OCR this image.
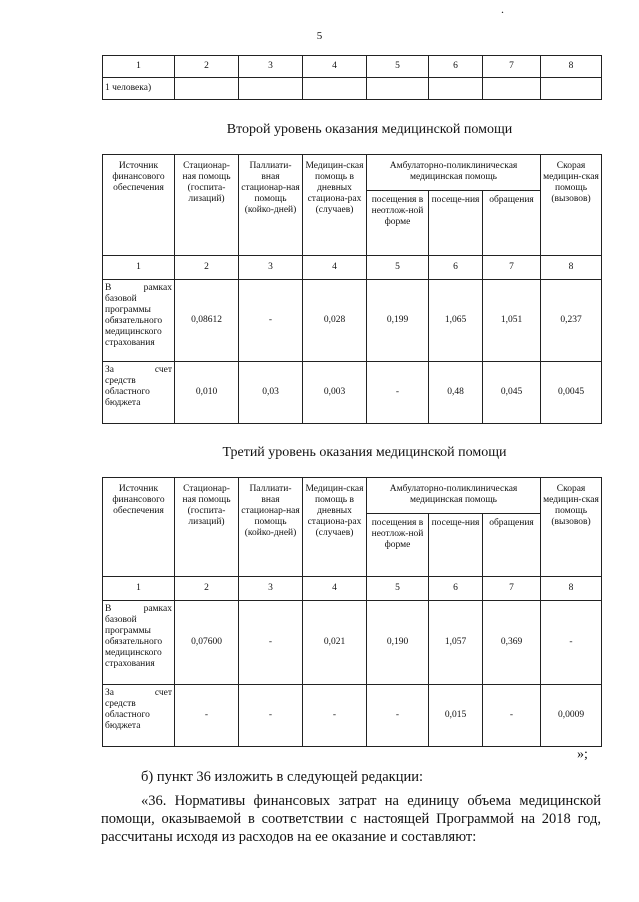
.
5
1	2	3	4	5	6	7	8
1 человека)							
Второй уровень оказания медицинской помощи
Источник финансового обеспечения	Стационар-ная помощь (госпита-лизаций)	Паллиати-вная стационар-ная помощь (койко-дней)	Медицин-ская помощь в дневных стациона-рах (случаев)	Амбулаторно-поликлиническая медицинская помощь			Скорая медицин-ская помощь (вызовов)
				посещения в неотлож-ной форме	посеще-ния	обращения	
1	2	3	4	5	6	7	8

В рамках
базовой программы обязательного медицинского страхования	0,08612	-	0,028	0,199	1,065	1,051	0,237

За счет
средств областного бюджета	0,010	0,03	0,003	-	0,48	0,045	0,0045
Третий уровень оказания медицинской помощи
Источник финансового обеспечения	Стационар-ная помощь (госпита-лизаций)	Паллиати-вная стационар-ная помощь (койко-дней)	Медицин-ская помощь в дневных стациона-рах (случаев)	Амбулаторно-поликлиническая медицинская помощь			Скорая медицин-ская помощь (вызовов)
				посещения в неотлож-ной форме	посеще-ния	обращения	
1	2	3	4	5	6	7	8

В рамках
базовой программы обязательного медицинского страхования	0,07600	-	0,021	0,190	1,057	0,369	-

За счет
средств областного бюджета	-	-	-	-	0,015	-	0,0009
»;
б) пункт 36 изложить в следующей редакции:
«36. Нормативы финансовых затрат на единицу объема медицинской помощи, оказываемой в соответствии с настоящей Программой на 2018 год, рассчитаны исходя из расходов на ее оказание и составляют:
